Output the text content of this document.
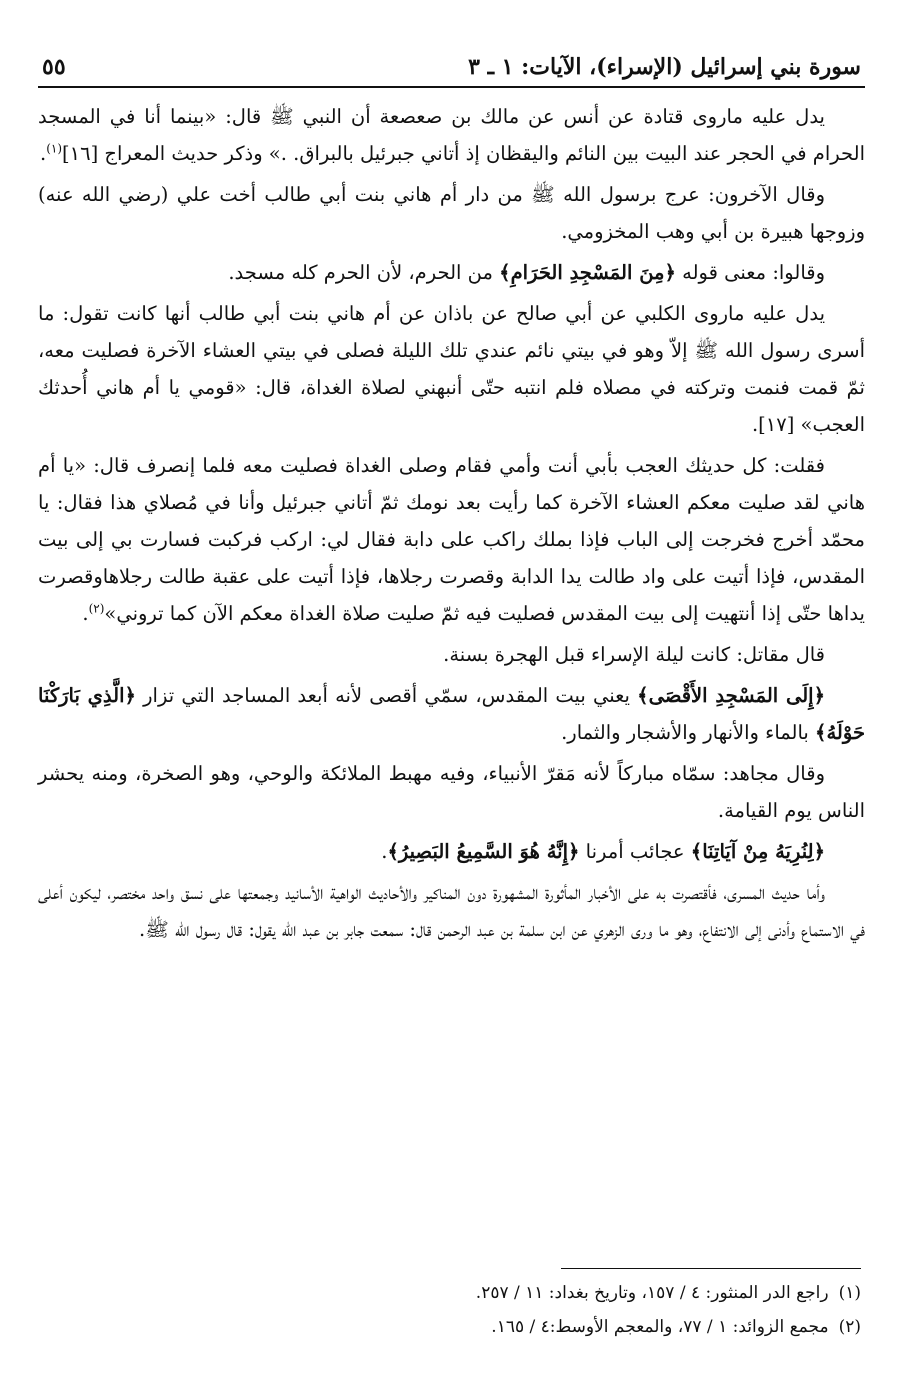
سورة بني إسرائيل (الإسراء)، الآيات: ١ ـ ٣
٥٥

يدل عليه ماروى قتادة عن أنس عن مالك بن صعصعة أن النبي ﷺ قال: «بينما أنا في المسجد الحرام في الحجر عند البيت بين النائم واليقظان إذ أتاني جبرئيل بالبراق. .» وذكر حديث المعراج [١٦]$^{(١)}$.

وقال الآخرون: عرج برسول الله ﷺ من دار أم هاني بنت أبي طالب أخت علي (رضي الله عنه) وزوجها هبيرة بن أبي وهب المخزومي.

وقالوا: معنى قوله ﴿مِنَ المَسْجِدِ الحَرَامِ﴾ من الحرم، لأن الحرم كله مسجد.

يدل عليه ماروى الكلبي عن أبي صالح عن باذان عن أم هاني بنت أبي طالب أنها كانت تقول: ما أسرى رسول الله ﷺ إلاّ وهو في بيتي نائم عندي تلك الليلة فصلى في بيتي العشاء الآخرة فصليت معه، ثمّ قمت فنمت وتركته في مصلاه فلم انتبه حتّى أنبهني لصلاة الغداة، قال: «قومي يا أم هاني أُحدثك العجب» [١٧].

فقلت: كل حديثك العجب بأبي أنت وأمي فقام وصلى الغداة فصليت معه فلما إنصرف قال: «يا أم هاني لقد صليت معكم العشاء الآخرة كما رأيت بعد نومك ثمّ أتاني جبرئيل وأنا في مُصلاي هذا فقال: يا محمّد أخرج فخرجت إلى الباب فإذا بملك راكب على دابة فقال لي: اركب فركبت فسارت بي إلى بيت المقدس، فإذا أتيت على واد طالت يدا الدابة وقصرت رجلاها، فإذا أتيت على عقبة طالت رجلاهاوقصرت يداها حتّى إذا أنتهيت إلى بيت المقدس فصليت فيه ثمّ صليت صلاة الغداة معكم الآن كما تروني»$^{(٢)}$.

قال مقاتل: كانت ليلة الإسراء قبل الهجرة بسنة.

﴿إِلَى المَسْجِدِ الأَقْصَى﴾ يعني بيت المقدس، سمّي أقصى لأنه أبعد المساجد التي تزار ﴿الَّذِي بَارَكْنَا حَوْلَهُ﴾ بالماء والأنهار والأشجار والثمار.

وقال مجاهد: سمّاه مباركاً لأنه مَقرّ الأنبياء، وفيه مهبط الملائكة والوحي، وهو الصخرة، ومنه يحشر الناس يوم القيامة.

﴿لِنُرِيَهُ مِنْ آيَاتِنَا﴾ عجائب أمرنا ﴿إِنَّهُ هُوَ السَّمِيعُ البَصِيرُ﴾.

وأما حديث المسرى، فأقتصرت به على الأخبار المأثورة المشهورة دون المناكير والأحاديث الواهية الأسانيد وجمعتها على نسق واحد مختصر، ليكون أعلى في الاستماع وأدنى إلى الانتفاع، وهو ما ورى الزهري عن ابن سلمة بن عبد الرحمن قال: سمعت جابر بن عبد الله يقول: قال رسول الله ﷺ.

(١)راجع الدر المنثور: ٤ / ١٥٧، وتاريخ بغداد: ١١ / ٢٥٧.

(٢)مجمع الزوائد: ١ / ٧٧، والمعجم الأوسط:٤ / ١٦٥.
